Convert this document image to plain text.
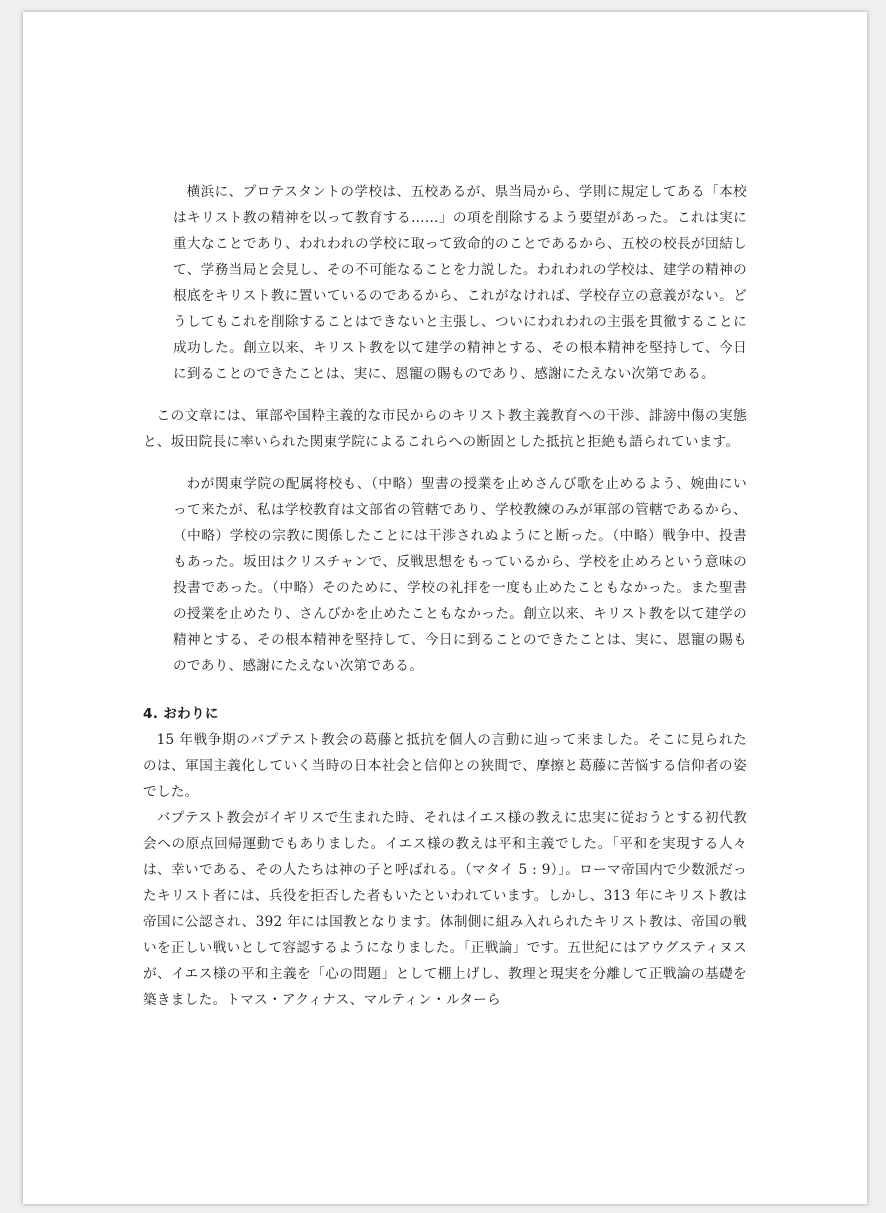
横浜に、プロテスタントの学校は、五校あるが、県当局から、学則に規定してある「本校はキリスト教の精神を以って教育する……」の項を削除するよう要望があった。これは実に重大なことであり、われわれの学校に取って致命的のことであるから、五校の校長が団結して、学務当局と会見し、その不可能なることを力説した。われわれの学校は、建学の精神の根底をキリスト教に置いているのであるから、これがなければ、学校存立の意義がない。どうしてもこれを削除することはできないと主張し、ついにわれわれの主張を貫徹することに成功した。創立以来、キリスト教を以て建学の精神とする、その根本精神を堅持して、今日に到ることのできたことは、実に、恩寵の賜ものであり、感謝にたえない次第である。

この文章には、軍部や国粋主義的な市民からのキリスト教主義教育への干渉、誹謗中傷の実態と、坂田院長に率いられた関東学院によるこれらへの断固とした抵抗と拒絶も語られています。

わが関東学院の配属将校も、（中略）聖書の授業を止めさんび歌を止めるよう、婉曲にいって来たが、私は学校教育は文部省の管轄であり、学校教練のみが軍部の管轄であるから、（中略）学校の宗教に関係したことには干渉されぬようにと断った。（中略）戦争中、投書もあった。坂田はクリスチャンで、反戦思想をもっているから、学校を止めろという意味の投書であった。（中略）そのために、学校の礼拝を一度も止めたこともなかった。また聖書の授業を止めたり、さんびかを止めたこともなかった。創立以来、キリスト教を以て建学の精神とする、その根本精神を堅持して、今日に到ることのできたことは、実に、恩寵の賜ものであり、感謝にたえない次第である。

4. おわりに

15 年戦争期のバプテスト教会の葛藤と抵抗を個人の言動に辿って来ました。そこに見られたのは、軍国主義化していく当時の日本社会と信仰との狭間で、摩擦と葛藤に苦悩する信仰者の姿でした。

バプテスト教会がイギリスで生まれた時、それはイエス様の教えに忠実に従おうとする初代教会への原点回帰運動でもありました。イエス様の教えは平和主義でした。「平和を実現する人々は、幸いである、その人たちは神の子と呼ばれる。（マタイ 5 : 9）」。ローマ帝国内で少数派だったキリスト者には、兵役を拒否した者もいたといわれています。しかし、313 年にキリスト教は帝国に公認され、392 年には国教となります。体制側に組み入れられたキリスト教は、帝国の戦いを正しい戦いとして容認するようになりました。「正戦論」です。五世紀にはアウグスティヌスが、イエス様の平和主義を「心の問題」として棚上げし、教理と現実を分離して正戦論の基礎を築きました。トマス・アクィナス、マルティン・ルターら
